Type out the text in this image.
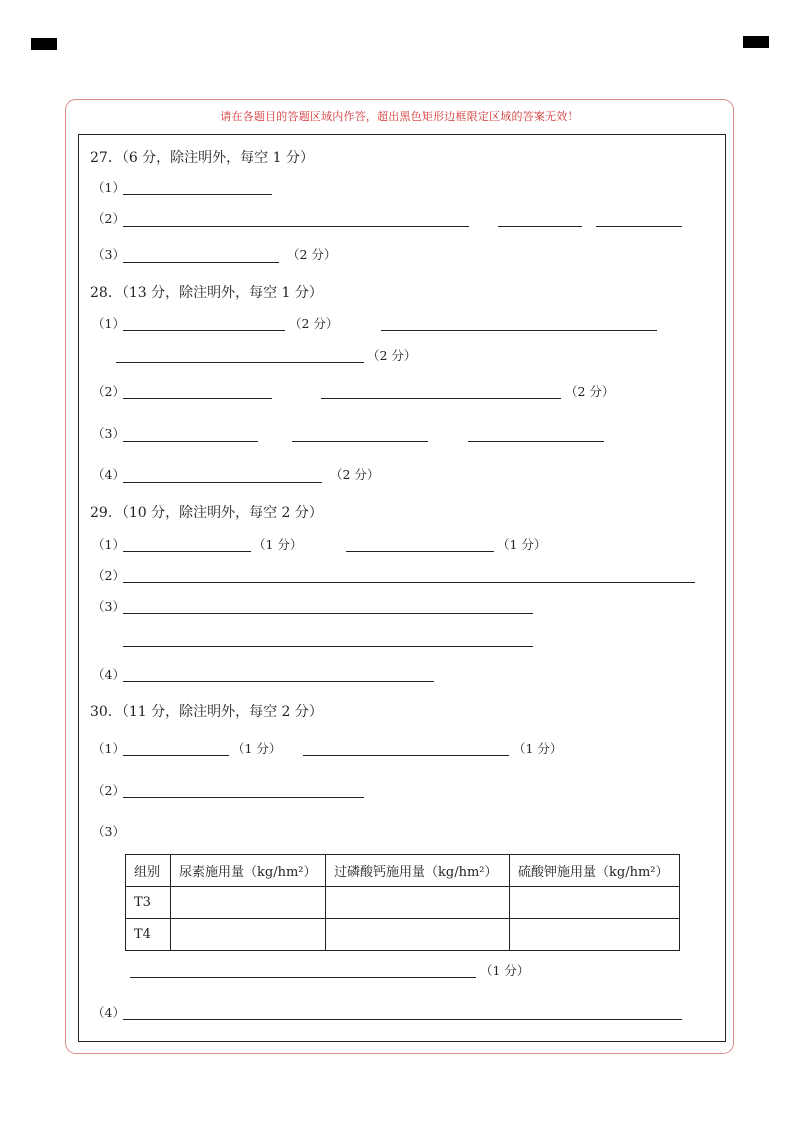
请在各题目的答题区域内作答，超出黑色矩形边框限定区域的答案无效！
27．（6 分，除注明外，每空 1 分）
（1）
（2）
（3）	（2 分）
28．（13 分，除注明外，每空 1 分）
（1）	（2 分）
（2 分）
（2）	（2 分）
（3）
（4）	（2 分）
29．（10 分，除注明外，每空 2 分）
（1）	（1 分）	（1 分）
（2）
（3）
（4）
30．（11 分，除注明外，每空 2 分）
（1）	（1 分）	（1 分）
（2）
（3）
组别	尿素施用量（kg/hm²）	过磷酸钙施用量（kg/hm²）	硫酸钾施用量（kg/hm²）
T3			
T4			
（1 分）
（4）
